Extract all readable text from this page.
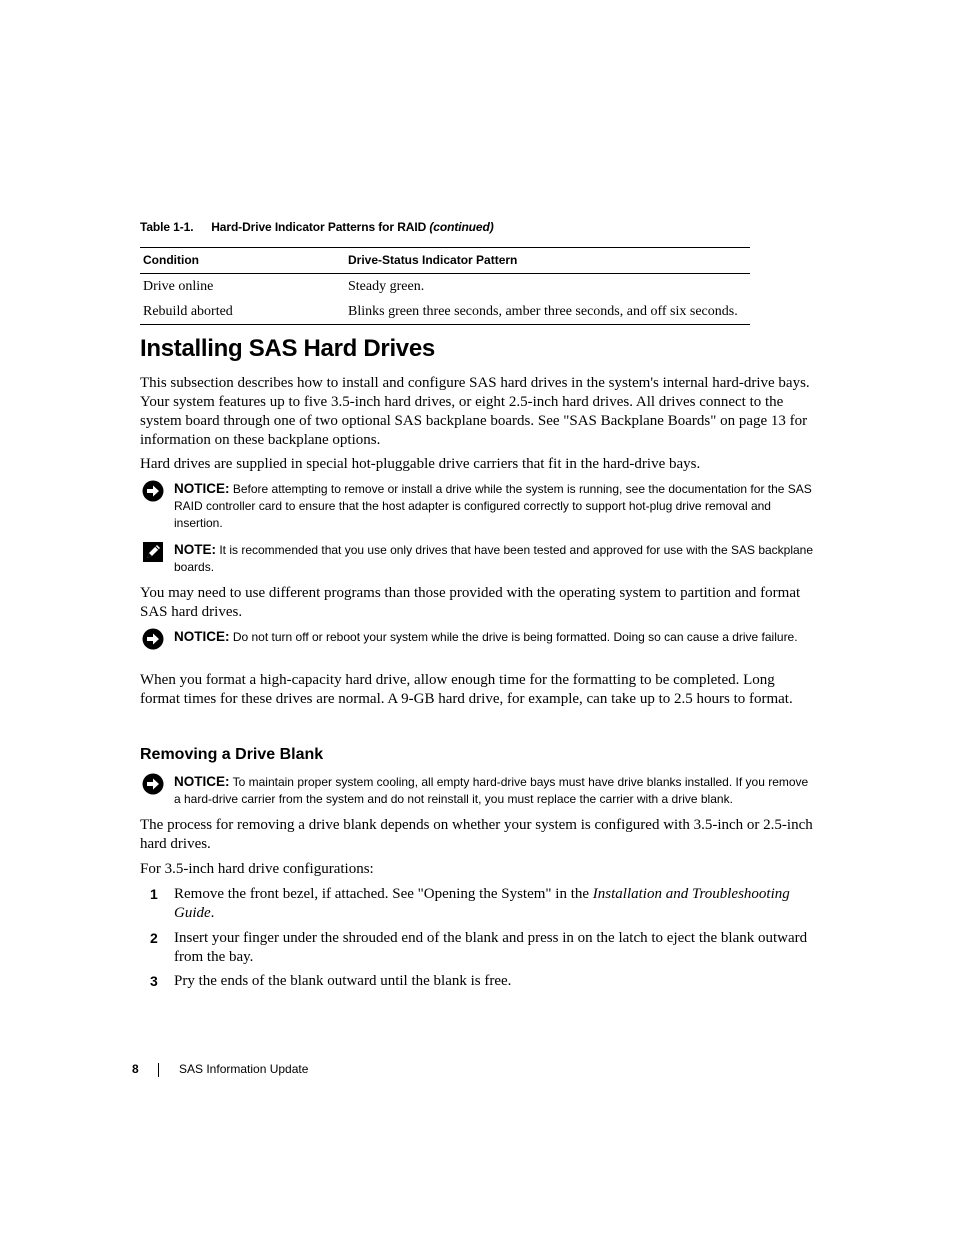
Table 1-1. Hard-Drive Indicator Patterns for RAID (continued)
Condition	Drive-Status Indicator Pattern
Drive online	Steady green.
Rebuild aborted	Blinks green three seconds, amber three seconds, and off six seconds.
Installing SAS Hard Drives
This subsection describes how to install and configure SAS hard drives in the system's internal hard-drive bays. Your system features up to five 3.5-inch hard drives, or eight 2.5-inch hard drives. All drives connect to the system board through one of two optional SAS backplane boards. See "SAS Backplane Boards" on page 13 for information on these backplane options.
Hard drives are supplied in special hot-pluggable drive carriers that fit in the hard-drive bays.
NOTICE: Before attempting to remove or install a drive while the system is running, see the documentation for the SAS RAID controller card to ensure that the host adapter is configured correctly to support hot-plug drive removal and insertion.
NOTE: It is recommended that you use only drives that have been tested and approved for use with the SAS backplane boards.
You may need to use different programs than those provided with the operating system to partition and format SAS hard drives.
NOTICE: Do not turn off or reboot your system while the drive is being formatted. Doing so can cause a drive failure.
When you format a high-capacity hard drive, allow enough time for the formatting to be completed. Long format times for these drives are normal. A 9-GB hard drive, for example, can take up to 2.5 hours to format.
Removing a Drive Blank
NOTICE: To maintain proper system cooling, all empty hard-drive bays must have drive blanks installed. If you remove a hard-drive carrier from the system and do not reinstall it, you must replace the carrier with a drive blank.
The process for removing a drive blank depends on whether your system is configured with 3.5-inch or 2.5-inch hard drives.
For 3.5-inch hard drive configurations:
1 Remove the front bezel, if attached. See "Opening the System" in the Installation and Troubleshooting Guide.
2 Insert your finger under the shrouded end of the blank and press in on the latch to eject the blank outward from the bay.
3 Pry the ends of the blank outward until the blank is free.
8	SAS Information Update
